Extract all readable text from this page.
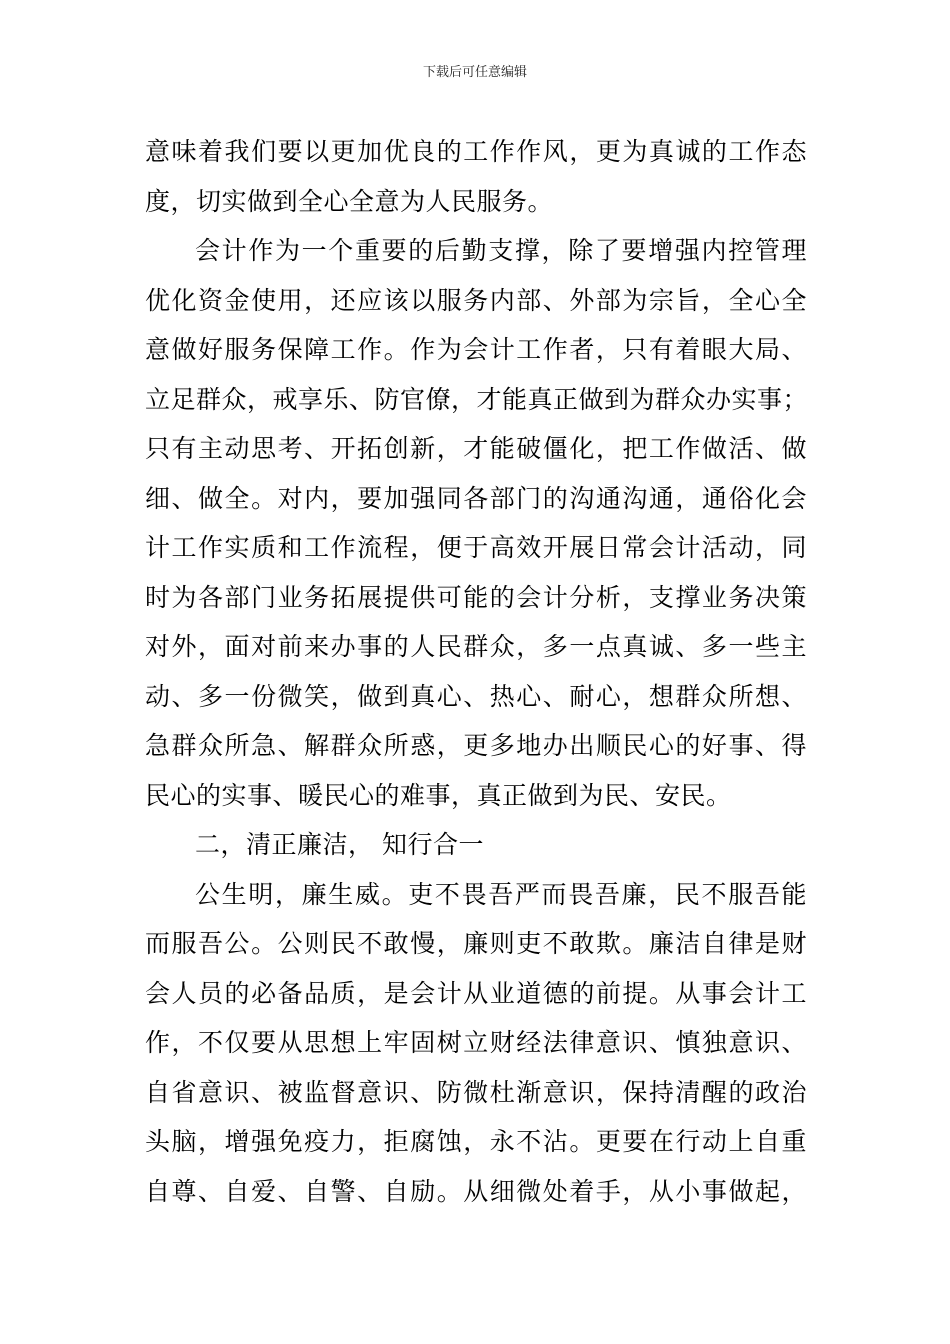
下载后可任意编辑
意味着我们要以更加优良的工作作风，更为真诚的工作态
度，切实做到全心全意为人民服务。
会计作为一个重要的后勤支撑，除了要增强内控管理
优化资金使用，还应该以服务内部、外部为宗旨，全心全
意做好服务保障工作。作为会计工作者，只有着眼大局、
立足群众，戒享乐、防官僚，才能真正做到为群众办实事；
只有主动思考、开拓创新，才能破僵化，把工作做活、做
细、做全。对内，要加强同各部门的沟通沟通，通俗化会
计工作实质和工作流程，便于高效开展日常会计活动，同
时为各部门业务拓展提供可能的会计分析，支撑业务决策
对外，面对前来办事的人民群众，多一点真诚、多一些主
动、多一份微笑，做到真心、热心、耐心，想群众所想、
急群众所急、解群众所惑，更多地办出顺民心的好事、得
民心的实事、暖民心的难事，真正做到为民、安民。
二，清正廉洁， 知行合一
公生明，廉生威。吏不畏吾严而畏吾廉，民不服吾能
而服吾公。公则民不敢慢，廉则吏不敢欺。廉洁自律是财
会人员的必备品质，是会计从业道德的前提。从事会计工
作，不仅要从思想上牢固树立财经法律意识、慎独意识、
自省意识、被监督意识、防微杜渐意识，保持清醒的政治
头脑，增强免疫力，拒腐蚀，永不沾。更要在行动上自重
自尊、自爱、自警、自励。从细微处着手，从小事做起，
